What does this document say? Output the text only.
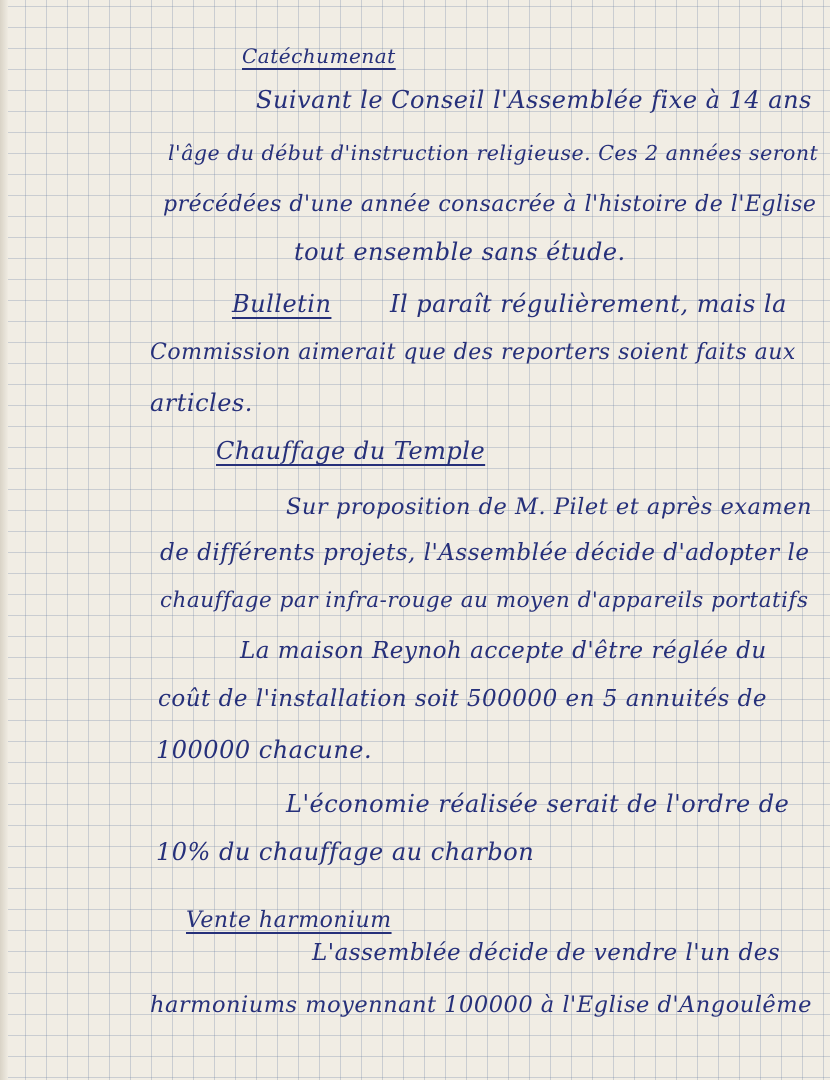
Catéchumenat
Suivant le Conseil l'Assemblée fixe à 14 ans
l'âge du début d'instruction religieuse. Ces 2 années seront
précédées d'une année consacrée à l'histoire de l'Eglise
tout ensemble sans étude.
Bulletin Il paraît régulièrement, mais la
Commission aimerait que des reporters soient faits aux
articles.
Chauffage du Temple
Sur proposition de M. Pilet et après examen
de différents projets, l'Assemblée décide d'adopter le
chauffage par infra-rouge au moyen d'appareils portatifs
La maison Reynoh accepte d'être réglée du
coût de l'installation soit 500000 en 5 annuités de
100000 chacune.
L'économie réalisée serait de l'ordre de
10% du chauffage au charbon
Vente harmonium
L'assemblée décide de vendre l'un des
harmoniums moyennant 100000 à l'Eglise d'Angoulême
